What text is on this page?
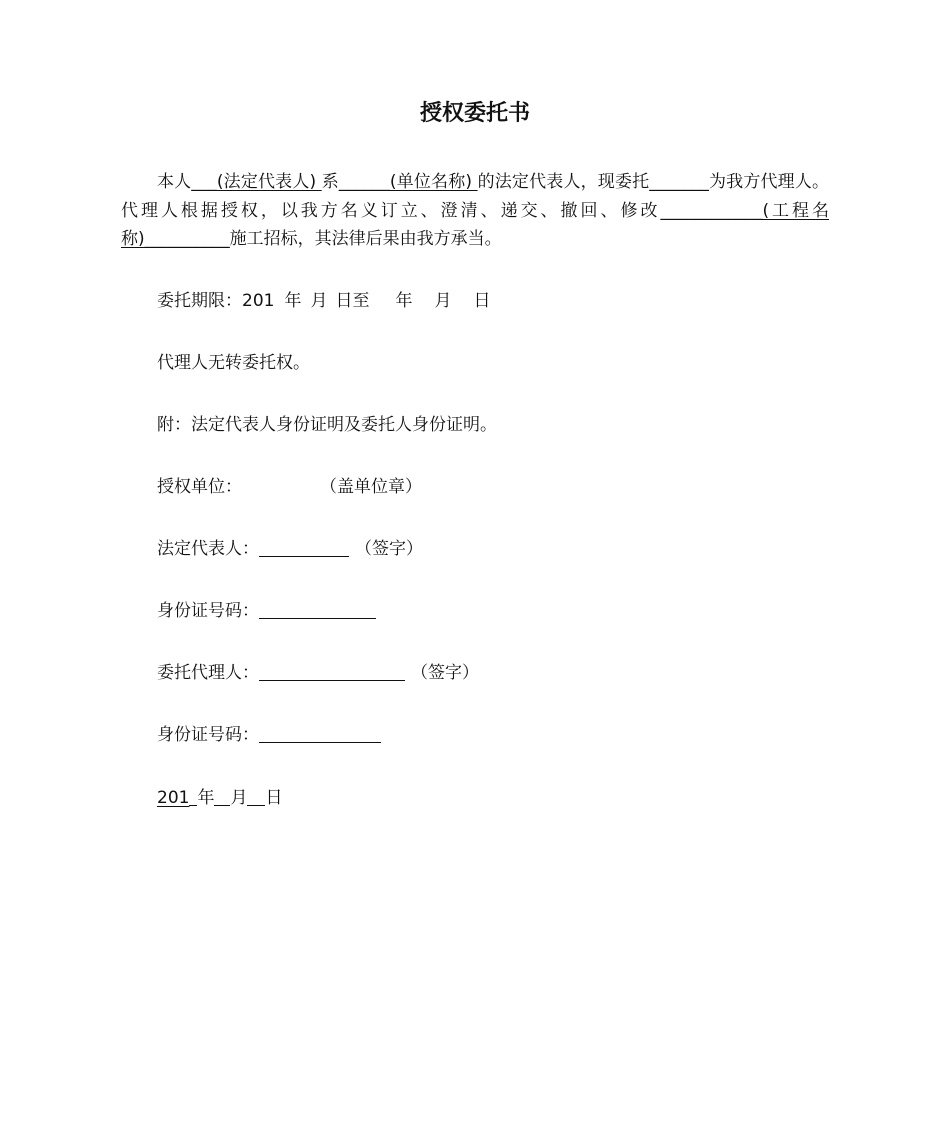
授权委托书
本人___(法定代表人) 系______(单位名称) 的法定代表人，现委托_______为我方代理人。代理人根据授权，以我方名义订立、澄清、递交、撤回、修改____________(工程名称)__________施工招标，其法律后果由我方承当。
委托期限：201 年 月 日至 年 月 日
代理人无转委托权。
附：法定代表人身份证明及委托人身份证明。
授权单位：	（盖单位章）
法定代表人：	（签字）
身份证号码：
委托代理人：	（签字）
身份证号码：
201 年 月 日
